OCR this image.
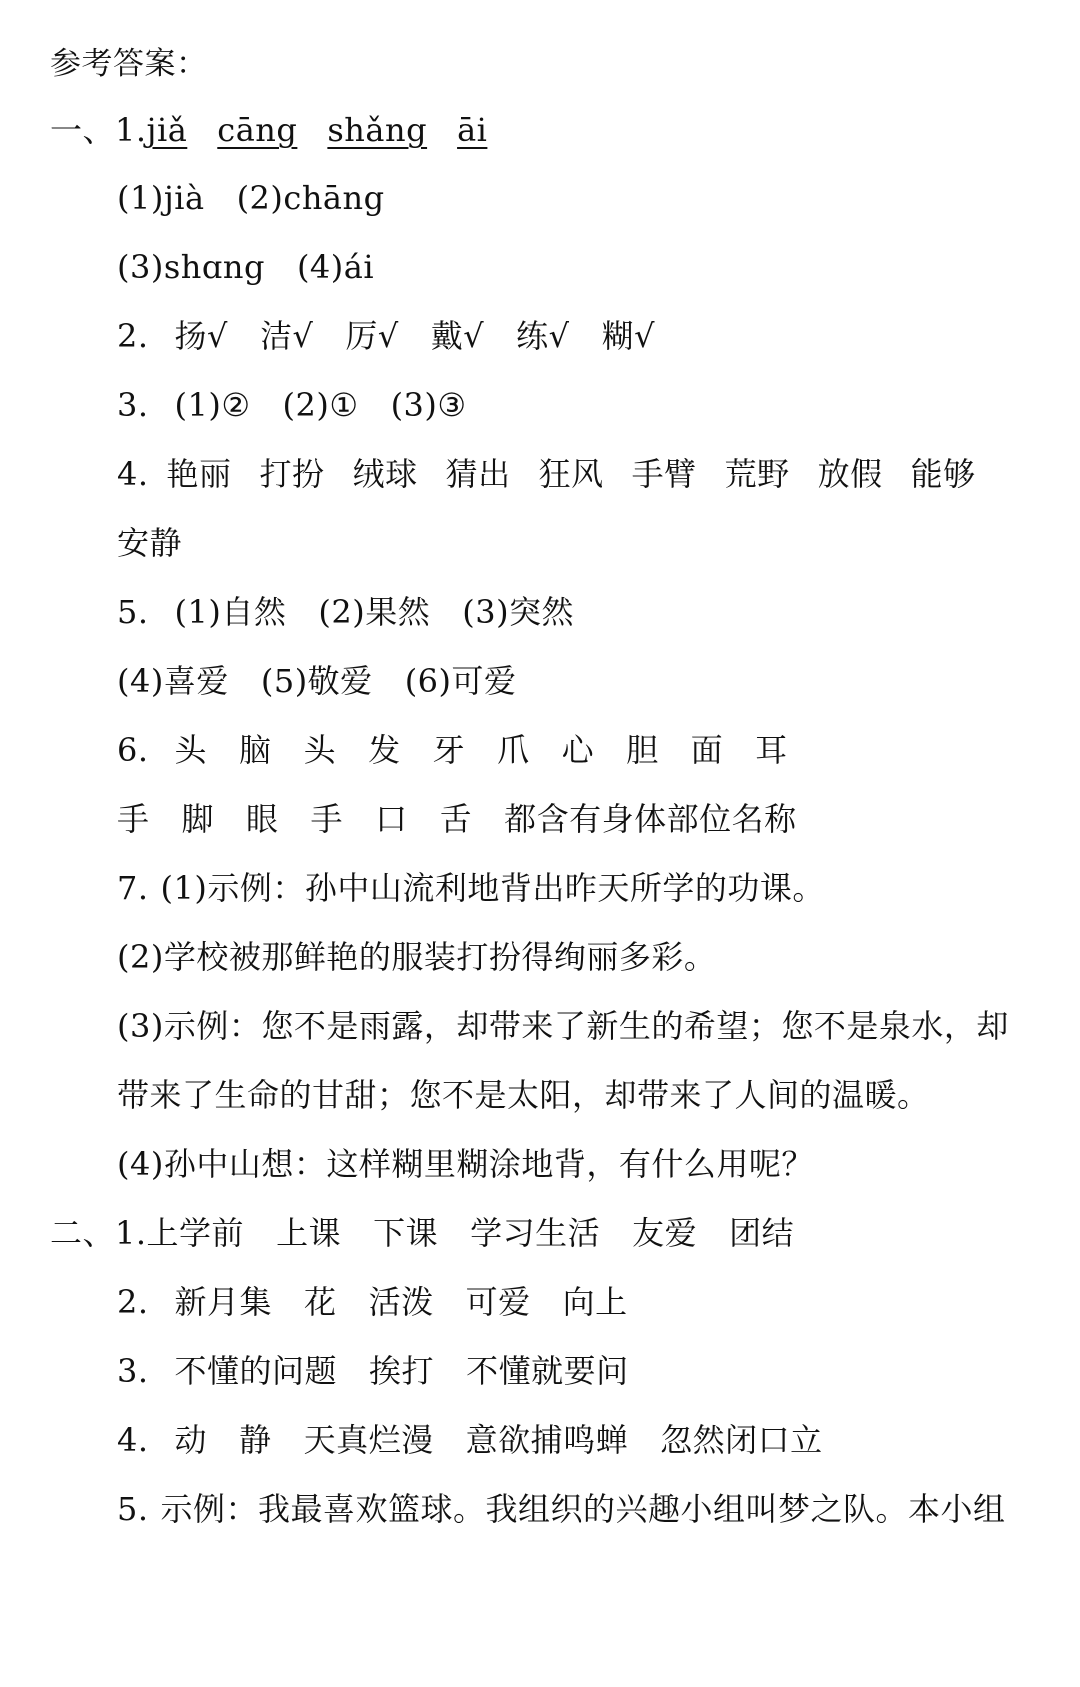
参考答案：
一、1.jiǎ cāng shǎng āi
(1)jià (2)chāng
(3)shɑng (4)ái
2. 扬√ 洁√ 厉√ 戴√ 练√ 糊√
3. (1)② (2)① (3)③
4. 艳丽 打扮 绒球 猜出 狂风 手臂 荒野 放假 能够
安静
5. (1)自然 (2)果然 (3)突然
(4)喜爱 (5)敬爱 (6)可爱
6. 头 脑 头 发 牙 爪 心 胆 面 耳
手 脚 眼 手 口 舌 都含有身体部位名称
7. (1)示例：孙中山流利地背出昨天所学的功课。
(2)学校被那鲜艳的服装打扮得绚丽多彩。
(3)示例：您不是雨露，却带来了新生的希望；您不是泉水，却
带来了生命的甘甜；您不是太阳，却带来了人间的温暖。
(4)孙中山想：这样糊里糊涂地背，有什么用呢？
二、1.上学前 上课 下课 学习生活 友爱 团结
2. 新月集 花 活泼 可爱 向上
3. 不懂的问题 挨打 不懂就要问
4. 动 静 天真烂漫 意欲捕鸣蝉 忽然闭口立
5. 示例：我最喜欢篮球。我组织的兴趣小组叫梦之队。本小组
